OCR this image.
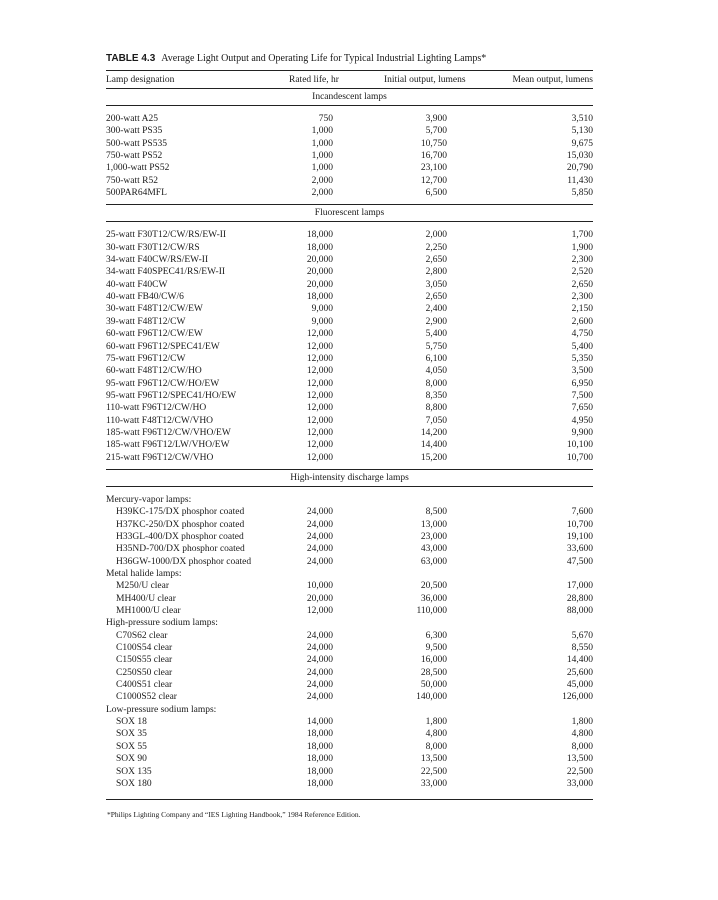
TABLE 4.3 Average Light Output and Operating Life for Typical Industrial Lighting Lamps*
Lamp designation	Rated life, hr	Initial output, lumens	Mean output, lumens
Incandescent lamps
200-watt A25	750	3,900	3,510
300-watt PS35	1,000	5,700	5,130
500-watt PS535	1,000	10,750	9,675
750-watt PS52	1,000	16,700	15,030
1,000-watt PS52	1,000	23,100	20,790
750-watt R52	2,000	12,700	11,430
500PAR64MFL	2,000	6,500	5,850
Fluorescent lamps
25-watt F30T12/CW/RS/EW-II	18,000	2,000	1,700
30-watt F30T12/CW/RS	18,000	2,250	1,900
34-watt F40CW/RS/EW-II	20,000	2,650	2,300
34-watt F40SPEC41/RS/EW-II	20,000	2,800	2,520
40-watt F40CW	20,000	3,050	2,650
40-watt FB40/CW/6	18,000	2,650	2,300
30-watt F48T12/CW/EW	9,000	2,400	2,150
39-watt F48T12/CW	9,000	2,900	2,600
60-watt F96T12/CW/EW	12,000	5,400	4,750
60-watt F96T12/SPEC41/EW	12,000	5,750	5,400
75-watt F96T12/CW	12,000	6,100	5,350
60-watt F48T12/CW/HO	12,000	4,050	3,500
95-watt F96T12/CW/HO/EW	12,000	8,000	6,950
95-watt F96T12/SPEC41/HO/EW	12,000	8,350	7,500
110-watt F96T12/CW/HO	12,000	8,800	7,650
110-watt F48T12/CW/VHO	12,000	7,050	4,950
185-watt F96T12/CW/VHO/EW	12,000	14,200	9,900
185-watt F96T12/LW/VHO/EW	12,000	14,400	10,100
215-watt F96T12/CW/VHO	12,000	15,200	10,700
High-intensity discharge lamps
Mercury-vapor lamps:
H39KC-175/DX phosphor coated	24,000	8,500	7,600
H37KC-250/DX phosphor coated	24,000	13,000	10,700
H33GL-400/DX phosphor coated	24,000	23,000	19,100
H35ND-700/DX phosphor coated	24,000	43,000	33,600
H36GW-1000/DX phosphor coated	24,000	63,000	47,500
Metal halide lamps:
M250/U clear	10,000	20,500	17,000
MH400/U clear	20,000	36,000	28,800
MH1000/U clear	12,000	110,000	88,000
High-pressure sodium lamps:
C70S62 clear	24,000	6,300	5,670
C100S54 clear	24,000	9,500	8,550
C150S55 clear	24,000	16,000	14,400
C250S50 clear	24,000	28,500	25,600
C400S51 clear	24,000	50,000	45,000
C1000S52 clear	24,000	140,000	126,000
Low-pressure sodium lamps:
SOX 18	14,000	1,800	1,800
SOX 35	18,000	4,800	4,800
SOX 55	18,000	8,000	8,000
SOX 90	18,000	13,500	13,500
SOX 135	18,000	22,500	22,500
SOX 180	18,000	33,000	33,000
*Philips Lighting Company and “IES Lighting Handbook,” 1984 Reference Edition.
